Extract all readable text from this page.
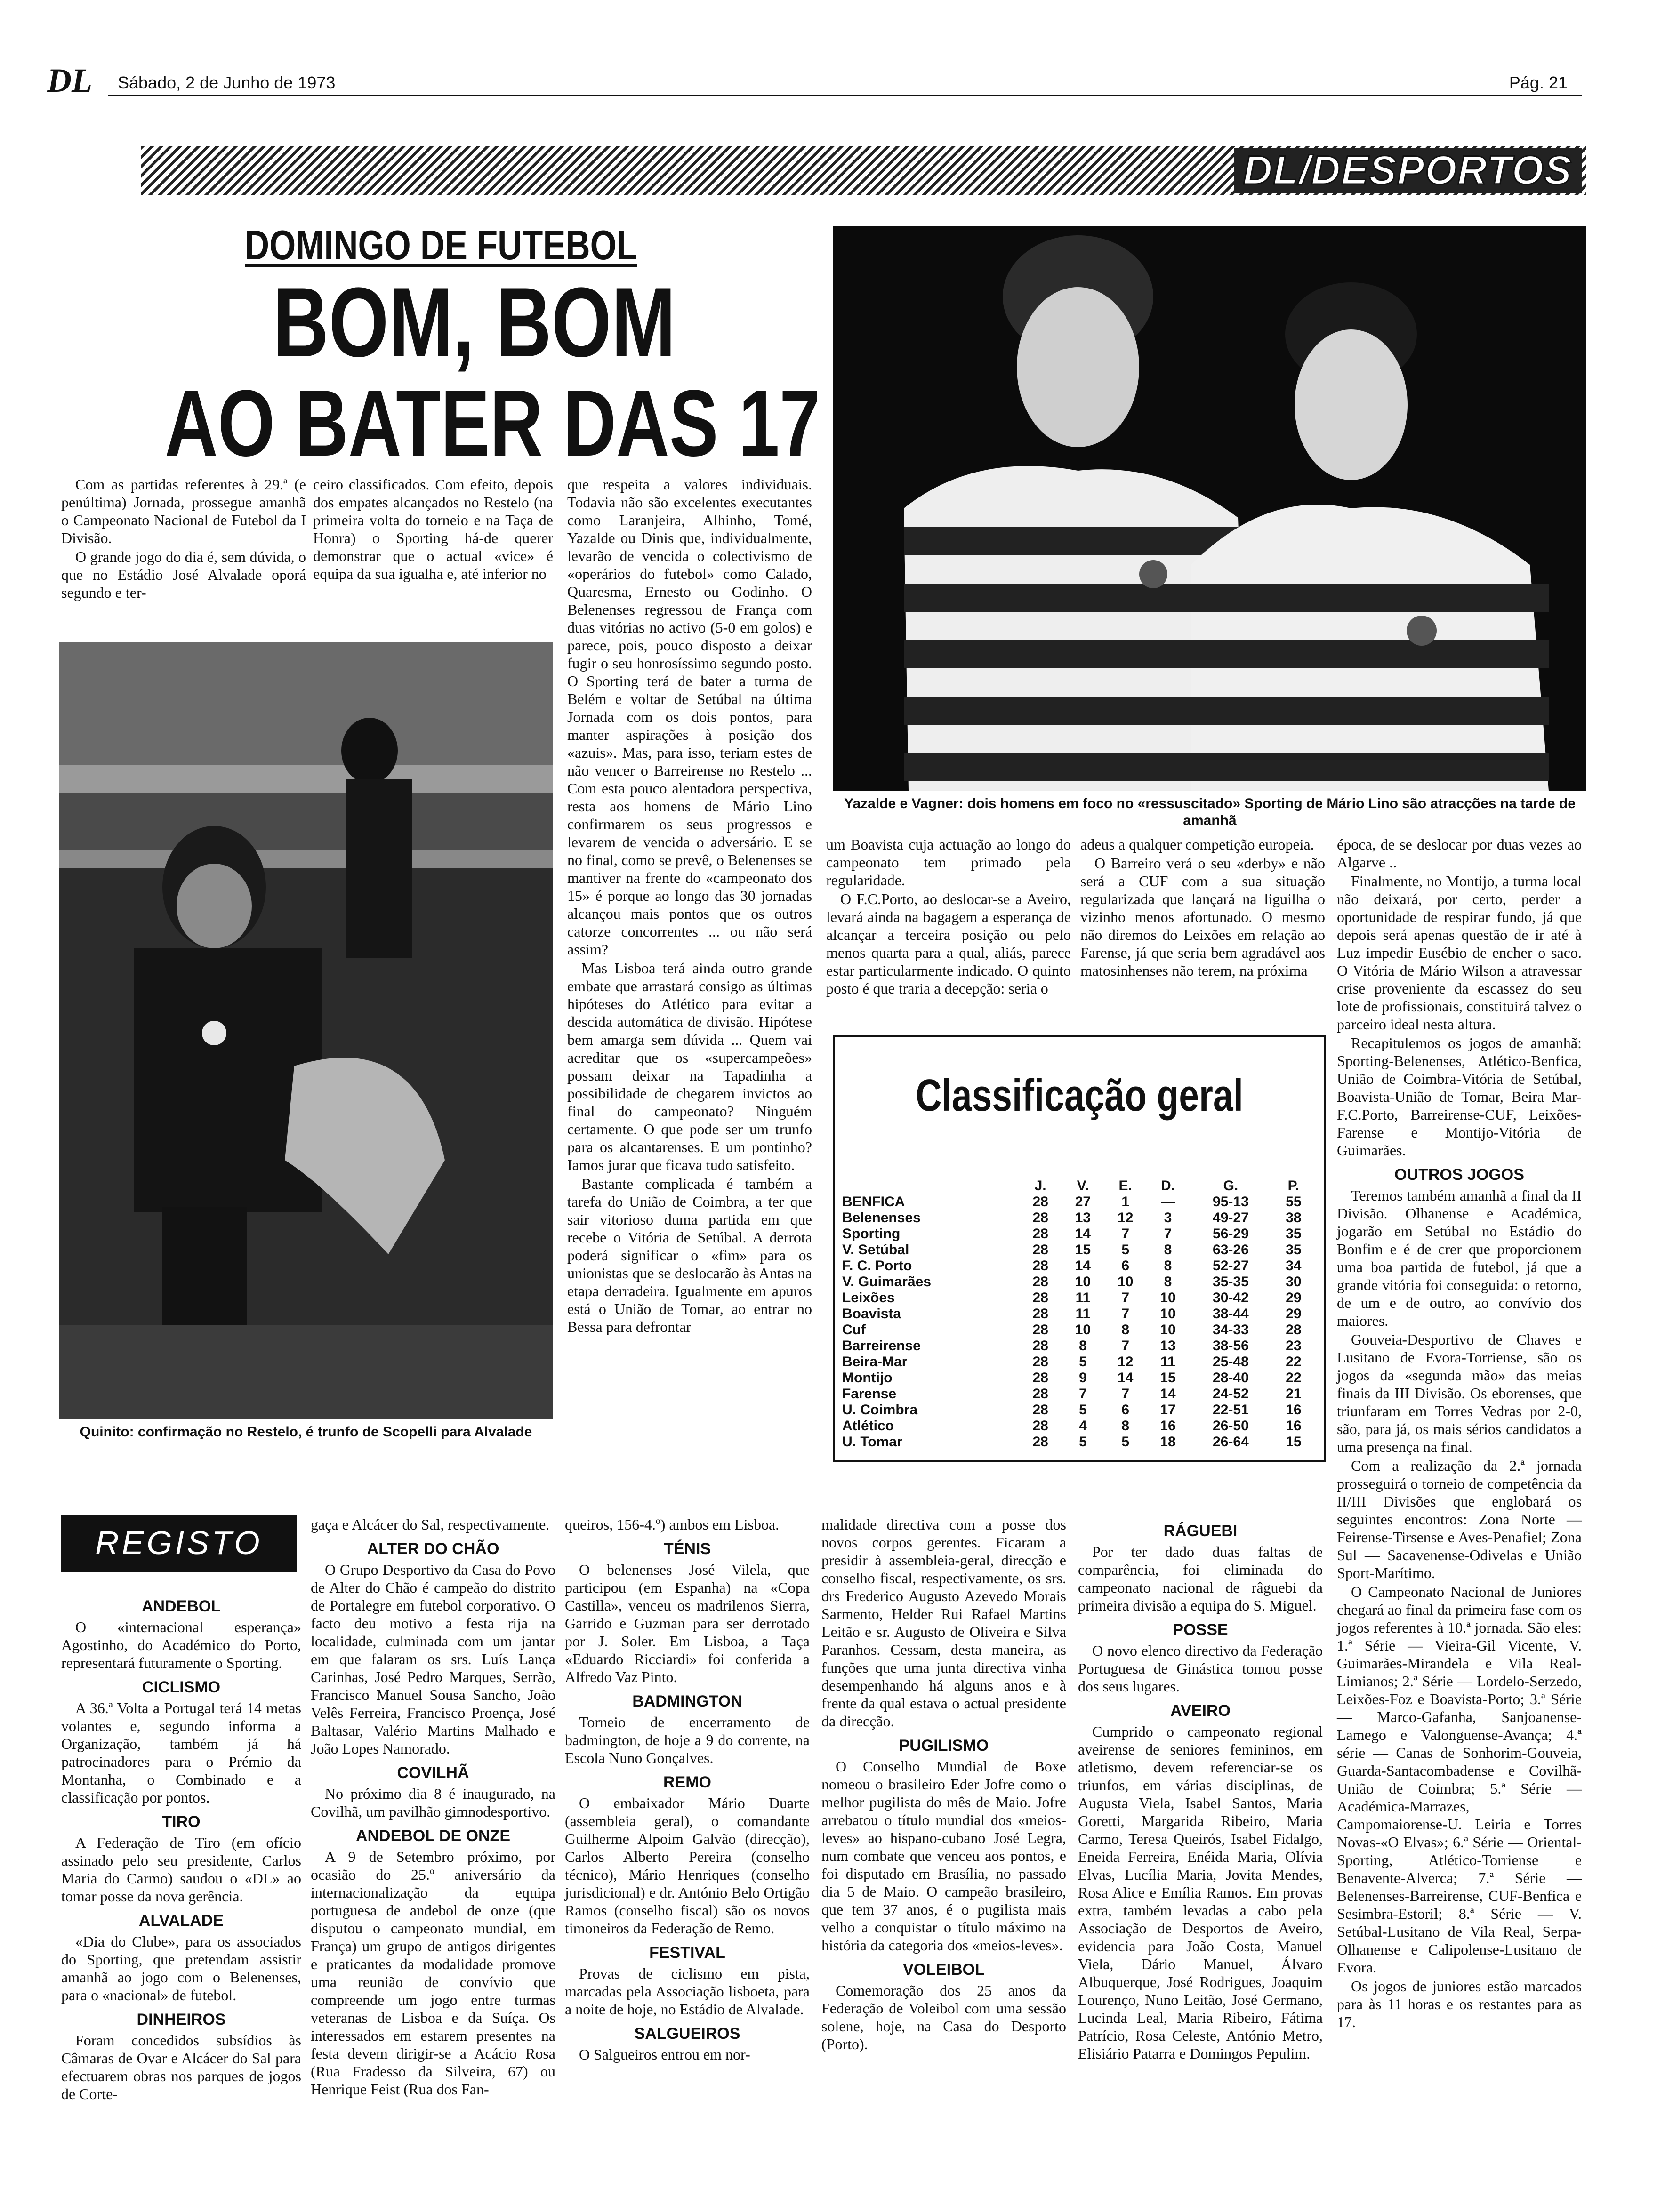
DL Sábado, 2 de Junho de 1973	Pág. 21
DL/DESPORTOS
DOMINGO DE FUTEBOL
BOM, BOM
AO BATER DAS 17

Com as partidas referentes à 29.ª (e penúltima) Jornada, prossegue amanhã o Campeonato Nacional de Futebol da I Divisão.

O grande jogo do dia é, sem dúvida, o que no Estádio José Alvalade oporá segundo e ter-

ceiro classificados. Com efeito, depois dos empates alcançados no Restelo (na primeira volta do torneio e na Taça de Honra) o Sporting há-de querer demonstrar que o actual «vice» é equipa da sua igualha e, até inferior no

que respeita a valores individuais. Todavia não são excelentes executantes como Laranjeira, Alhinho, Tomé, Yazalde ou Dinis que, individualmente, levarão de vencida o colectivismo de «operários do futebol» como Calado, Quaresma, Ernesto ou Godinho. O Belenenses regressou de França com duas vitórias no activo (5-0 em golos) e parece, pois, pouco disposto a deixar fugir o seu honrosíssimo segundo posto. O Sporting terá de bater a turma de Belém e voltar de Setúbal na última Jornada com os dois pontos, para manter aspirações à posição dos «azuis». Mas, para isso, teriam estes de não vencer o Barreirense no Restelo ... Com esta pouco alentadora perspectiva, resta aos homens de Mário Lino confirmarem os seus progressos e levarem de vencida o adversário. E se no final, como se prevê, o Belenenses se mantiver na frente do «campeonato dos 15» é porque ao longo das 30 jornadas alcançou mais pontos que os outros catorze concorrentes ... ou não será assim?

Mas Lisboa terá ainda outro grande embate que arrastará consigo as últimas hipóteses do Atlético para evitar a descida automática de divisão. Hipótese bem amarga sem dúvida ... Quem vai acreditar que os «supercampeões» possam deixar na Tapadinha a possibilidade de chegarem invictos ao final do campeonato? Ninguém certamente. O que pode ser um trunfo para os alcantarenses. E um pontinho? Iamos jurar que ficava tudo satisfeito.

Bastante complicada é também a tarefa do União de Coimbra, a ter que sair vitorioso duma partida em que recebe o Vitória de Setúbal. A derrota poderá significar o «fim» para os unionistas que se deslocarão às Antas na etapa derradeira. Igualmente em apuros está o União de Tomar, ao entrar no Bessa para defrontar

Quinito: confirmação no Restelo, é trunfo de Scopelli para Alvalade
Yazalde e Vagner: dois homens em foco no «ressuscitado» Sporting de Mário Lino são atracções na tarde de amanhã

um Boavista cuja actuação ao longo do campeonato tem primado pela regularidade.

O F.C.Porto, ao deslocar-se a Aveiro, levará ainda na bagagem a esperança de alcançar a terceira posição ou pelo menos quarta para a qual, aliás, parece estar particularmente indicado. O quinto posto é que traria a decepção: seria o

adeus a qualquer competição europeia.

O Barreiro verá o seu «derby» e não será a CUF com a sua situação regularizada que lançará na liguilha o vizinho menos afortunado. O mesmo não diremos do Leixões em relação ao Farense, já que seria bem agradável aos matosinhenses não terem, na próxima

época, de se deslocar por duas vezes ao Algarve ..

Finalmente, no Montijo, a turma local não deixará, por certo, perder a oportunidade de respirar fundo, já que depois será apenas questão de ir até à Luz impedir Eusébio de encher o saco. O Vitória de Mário Wilson a atravessar crise proveniente da escassez do seu lote de profissionais, constituirá talvez o parceiro ideal nesta altura.

Recapitulemos os jogos de amanhã: Sporting-Belenenses, Atlético-Benfica, União de Coimbra-Vitória de Setúbal, Boavista-União de Tomar, Beira Mar-F.C.Porto, Barreirense-CUF, Leixões-Farense e Montijo-Vitória de Guimarães.

OUTROS JOGOS

Teremos também amanhã a final da II Divisão. Olhanense e Académica, jogarão em Setúbal no Estádio do Bonfim e é de crer que proporcionem uma boa partida de futebol, já que a grande vitória foi conseguida: o retorno, de um e de outro, ao convívio dos maiores.

Gouveia-Desportivo de Chaves e Lusitano de Evora-Torriense, são os jogos da «segunda mão» das meias finais da III Divisão. Os eborenses, que triunfaram em Torres Vedras por 2-0, são, para já, os mais sérios candidatos a uma presença na final.

Com a realização da 2.ª jornada prosseguirá o torneio de competência da II/III Divisões que englobará os seguintes encontros: Zona Norte — Feirense-Tirsense e Aves-Penafiel; Zona Sul — Sacavenense-Odivelas e União Sport-Marítimo.

O Campeonato Nacional de Juniores chegará ao final da primeira fase com os jogos referentes à 10.ª jornada. São eles: 1.ª Série — Vieira-Gil Vicente, V. Guimarães-Mirandela e Vila Real-Limianos; 2.ª Série — Lordelo-Serzedo, Leixões-Foz e Boavista-Porto; 3.ª Série — Marco-Gafanha, Sanjoanense-Lamego e Valonguense-Avança; 4.ª série — Canas de Sonhorim-Gouveia, Guarda-Santacombadense e Covilhã-União de Coimbra; 5.ª Série — Académica-Marrazes, Campomaiorense-U. Leiria e Torres Novas-«O Elvas»; 6.ª Série — Oriental-Sporting, Atlético-Torriense e Benavente-Alverca; 7.ª Série — Belenenses-Barreirense, CUF-Benfica e Sesimbra-Estoril; 8.ª Série — V. Setúbal-Lusitano de Vila Real, Serpa-Olhanense e Calipolense-Lusitano de Evora.

Os jogos de juniores estão marcados para às 11 horas e os restantes para as 17.

Classificação geral
	J.	V.	E.	D.	G.	P.
BENFICA	28	27	1	—	95-13	55
Belenenses	28	13	12	3	49-27	38
Sporting	28	14	7	7	56-29	35
V. Setúbal	28	15	5	8	63-26	35
F. C. Porto	28	14	6	8	52-27	34
V. Guimarães	28	10	10	8	35-35	30
Leixões	28	11	7	10	30-42	29
Boavista	28	11	7	10	38-44	29
Cuf	28	10	8	10	34-33	28
Barreirense	28	8	7	13	38-56	23
Beira-Mar	28	5	12	11	25-48	22
Montijo	28	9	14	15	28-40	22
Farense	28	7	7	14	24-52	21
U. Coimbra	28	5	6	17	22-51	16
Atlético	28	4	8	16	26-50	16
U. Tomar	28	5	5	18	26-64	15
REGISTO
ANDEBOL

O «internacional esperança» Agostinho, do Académico do Porto, representará futuramente o Sporting.

CICLISMO

A 36.ª Volta a Portugal terá 14 metas volantes e, segundo informa a Organização, também já há patrocinadores para o Prémio da Montanha, o Combinado e a classificação por pontos.

TIRO

A Federação de Tiro (em ofício assinado pelo seu presidente, Carlos Maria do Carmo) saudou o «DL» ao tomar posse da nova gerência.

ALVALADE

«Dia do Clube», para os associados do Sporting, que pretendam assistir amanhã ao jogo com o Belenenses, para o «nacional» de futebol.

DINHEIROS

Foram concedidos subsídios às Câmaras de Ovar e Alcácer do Sal para efectuarem obras nos parques de jogos de Corte-

gaça e Alcácer do Sal, respectivamente.

ALTER DO CHÃO

O Grupo Desportivo da Casa do Povo de Alter do Chão é campeão do distrito de Portalegre em futebol corporativo. O facto deu motivo a festa rija na localidade, culminada com um jantar em que falaram os srs. Luís Lança Carinhas, José Pedro Marques, Serrão, Francisco Manuel Sousa Sancho, João Velês Ferreira, Francisco Proença, José Baltasar, Valério Martins Malhado e João Lopes Namorado.

COVILHÃ

No próximo dia 8 é inaugurado, na Covilhã, um pavilhão gimnodesportivo.

ANDEBOL DE ONZE

A 9 de Setembro próximo, por ocasião do 25.º aniversário da internacionalização da equipa portuguesa de andebol de onze (que disputou o campeonato mundial, em França) um grupo de antigos dirigentes e praticantes da modalidade promove uma reunião de convívio que compreende um jogo entre turmas veteranas de Lisboa e da Suíça. Os interessados em estarem presentes na festa devem dirigir-se a Acácio Rosa (Rua Fradesso da Silveira, 67) ou Henrique Feist (Rua dos Fan-

queiros, 156-4.º) ambos em Lisboa.

TÉNIS

O belenenses José Vilela, que participou (em Espanha) na «Copa Castilla», venceu os madrilenos Sierra, Garrido e Guzman para ser derrotado por J. Soler. Em Lisboa, a Taça «Eduardo Ricciardi» foi conferida a Alfredo Vaz Pinto.

BADMINGTON

Torneio de encerramento de badmington, de hoje a 9 do corrente, na Escola Nuno Gonçalves.

REMO

O embaixador Mário Duarte (assembleia geral), o comandante Guilherme Alpoim Galvão (direcção), Carlos Alberto Pereira (conselho técnico), Mário Henriques (conselho jurisdicional) e dr. António Belo Ortigão Ramos (conselho fiscal) são os novos timoneiros da Federação de Remo.

FESTIVAL

Provas de ciclismo em pista, marcadas pela Associação lisboeta, para a noite de hoje, no Estádio de Alvalade.

SALGUEIROS

O Salgueiros entrou em nor-

malidade directiva com a posse dos novos corpos gerentes. Ficaram a presidir à assembleia-geral, direcção e conselho fiscal, respectivamente, os srs. drs Frederico Augusto Azevedo Morais Sarmento, Helder Rui Rafael Martins Leitão e sr. Augusto de Oliveira e Silva Paranhos. Cessam, desta maneira, as funções que uma junta directiva vinha desempenhando há alguns anos e à frente da qual estava o actual presidente da direcção.

PUGILISMO

O Conselho Mundial de Boxe nomeou o brasileiro Eder Jofre como o melhor pugilista do mês de Maio. Jofre arrebatou o título mundial dos «meios-leves» ao hispano-cubano José Legra, num combate que venceu aos pontos, e foi disputado em Brasília, no passado dia 5 de Maio. O campeão brasileiro, que tem 37 anos, é o pugilista mais velho a conquistar o título máximo na história da categoria dos «meios-leves».

VOLEIBOL

Comemoração dos 25 anos da Federação de Voleibol com uma sessão solene, hoje, na Casa do Desporto (Porto).

RÁGUEBI

Por ter dado duas faltas de comparência, foi eliminada do campeonato nacional de râguebi da primeira divisão a equipa do S. Miguel.

POSSE

O novo elenco directivo da Federação Portuguesa de Ginástica tomou posse dos seus lugares.

AVEIRO

Cumprido o campeonato regional aveirense de seniores femininos, em atletismo, devem referenciar-se os triunfos, em várias disciplinas, de Augusta Viela, Isabel Santos, Maria Goretti, Margarida Ribeiro, Maria Carmo, Teresa Queirós, Isabel Fidalgo, Eneida Ferreira, Enéida Maria, Olívia Elvas, Lucília Maria, Jovita Mendes, Rosa Alice e Emília Ramos. Em provas extra, também levadas a cabo pela Associação de Desportos de Aveiro, evidencia para João Costa, Manuel Viela, Dário Manuel, Álvaro Albuquerque, José Rodrigues, Joaquim Lourenço, Nuno Leitão, José Germano, Lucinda Leal, Maria Ribeiro, Fátima Patrício, Rosa Celeste, António Metro, Elisiário Patarra e Domingos Pepulim.
